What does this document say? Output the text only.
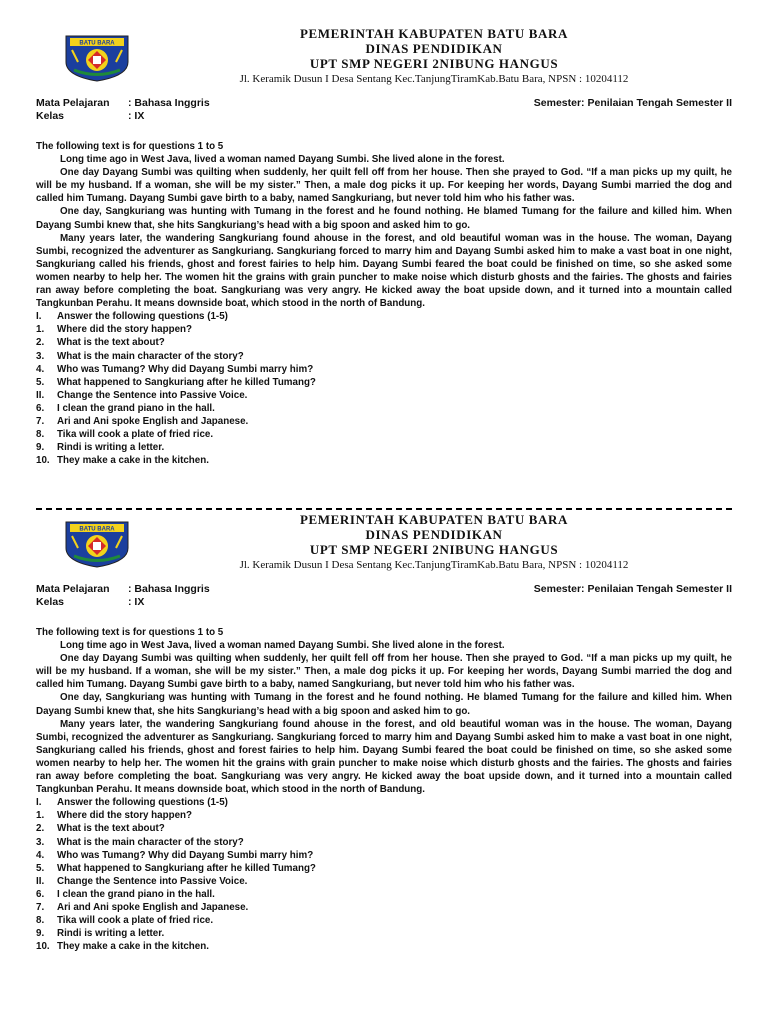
BATU BARA
PEMERINTAH KABUPATEN BATU BARA
DINAS PENDIDIKAN
UPT SMP NEGERI 2NIBUNG HANGUS
Jl. Keramik Dusun I Desa Sentang Kec.TanjungTiramKab.Batu Bara, NPSN : 10204112
Mata Pelajaran	: Bahasa Inggris
Kelas	: IX
Semester: Penilaian Tengah Semester II

The following text is for questions 1 to 5

Long time ago in West Java, lived a woman named Dayang Sumbi. She lived alone in the forest.

One day Dayang Sumbi was quilting when suddenly, her quilt fell off from her house. Then she prayed to God. “If a man picks up my quilt, he will be my husband. If a woman, she will be my sister.” Then, a male dog picks it up. For keeping her words, Dayang Sumbi married the dog and called him Tumang. Dayang Sumbi gave birth to a baby, named Sangkuriang, but never told him who his father was.

One day, Sangkuriang was hunting with Tumang in the forest and he found nothing. He blamed Tumang for the failure and killed him. When Dayang Sumbi knew that, she hits Sangkuriang’s head with a big spoon and asked him to go.

Many years later, the wandering Sangkuriang found ahouse in the forest, and old beautiful woman was in the house. The woman, Dayang Sumbi, recognized the adventurer as Sangkuriang. Sangkuriang forced to marry him and Dayang Sumbi asked him to make a vast boat in one night, Sangkuriang called his friends, ghost and forest fairies to help him. Dayang Sumbi feared the boat could be finished on time, so she asked some women nearby to help her. The women hit the grains with grain puncher to make noise which disturb ghosts and the fairies. The ghosts and fairies ran away before completing the boat. Sangkuriang was very angry. He kicked away the boat upside down, and it turned into a mountain called Tangkunban Perahu. It means downside boat, which stood in the north of Bandung.

I.	Answer the following questions (1-5)
1.	Where did the story happen?
2.	What is the text about?
3.	What is the main character of the story?
4.	Who was Tumang? Why did Dayang Sumbi marry him?
5.	What happened to Sangkuriang after he killed Tumang?
II.	Change the Sentence into Passive Voice.
6.	I clean the grand piano in the hall.
7.	Ari and Ani spoke English and Japanese.
8.	Tika will cook a plate of fried rice.
9.	Rindi is writing a letter.
10. They make a cake in the kitchen.
BATU BARA
PEMERINTAH KABUPATEN BATU BARA
DINAS PENDIDIKAN
UPT SMP NEGERI 2NIBUNG HANGUS
Jl. Keramik Dusun I Desa Sentang Kec.TanjungTiramKab.Batu Bara, NPSN : 10204112
Mata Pelajaran	: Bahasa Inggris
Kelas	: IX
Semester: Penilaian Tengah Semester II

The following text is for questions 1 to 5

Long time ago in West Java, lived a woman named Dayang Sumbi. She lived alone in the forest.

One day Dayang Sumbi was quilting when suddenly, her quilt fell off from her house. Then she prayed to God. “If a man picks up my quilt, he will be my husband. If a woman, she will be my sister.” Then, a male dog picks it up. For keeping her words, Dayang Sumbi married the dog and called him Tumang. Dayang Sumbi gave birth to a baby, named Sangkuriang, but never told him who his father was.

One day, Sangkuriang was hunting with Tumang in the forest and he found nothing. He blamed Tumang for the failure and killed him. When Dayang Sumbi knew that, she hits Sangkuriang’s head with a big spoon and asked him to go.

Many years later, the wandering Sangkuriang found ahouse in the forest, and old beautiful woman was in the house. The woman, Dayang Sumbi, recognized the adventurer as Sangkuriang. Sangkuriang forced to marry him and Dayang Sumbi asked him to make a vast boat in one night, Sangkuriang called his friends, ghost and forest fairies to help him. Dayang Sumbi feared the boat could be finished on time, so she asked some women nearby to help her. The women hit the grains with grain puncher to make noise which disturb ghosts and the fairies. The ghosts and fairies ran away before completing the boat. Sangkuriang was very angry. He kicked away the boat upside down, and it turned into a mountain called Tangkunban Perahu. It means downside boat, which stood in the north of Bandung.

I.	Answer the following questions (1-5)
1.	Where did the story happen?
2.	What is the text about?
3.	What is the main character of the story?
4.	Who was Tumang? Why did Dayang Sumbi marry him?
5.	What happened to Sangkuriang after he killed Tumang?
II.	Change the Sentence into Passive Voice.
6.	I clean the grand piano in the hall.
7.	Ari and Ani spoke English and Japanese.
8.	Tika will cook a plate of fried rice.
9.	Rindi is writing a letter.
10. They make a cake in the kitchen.
